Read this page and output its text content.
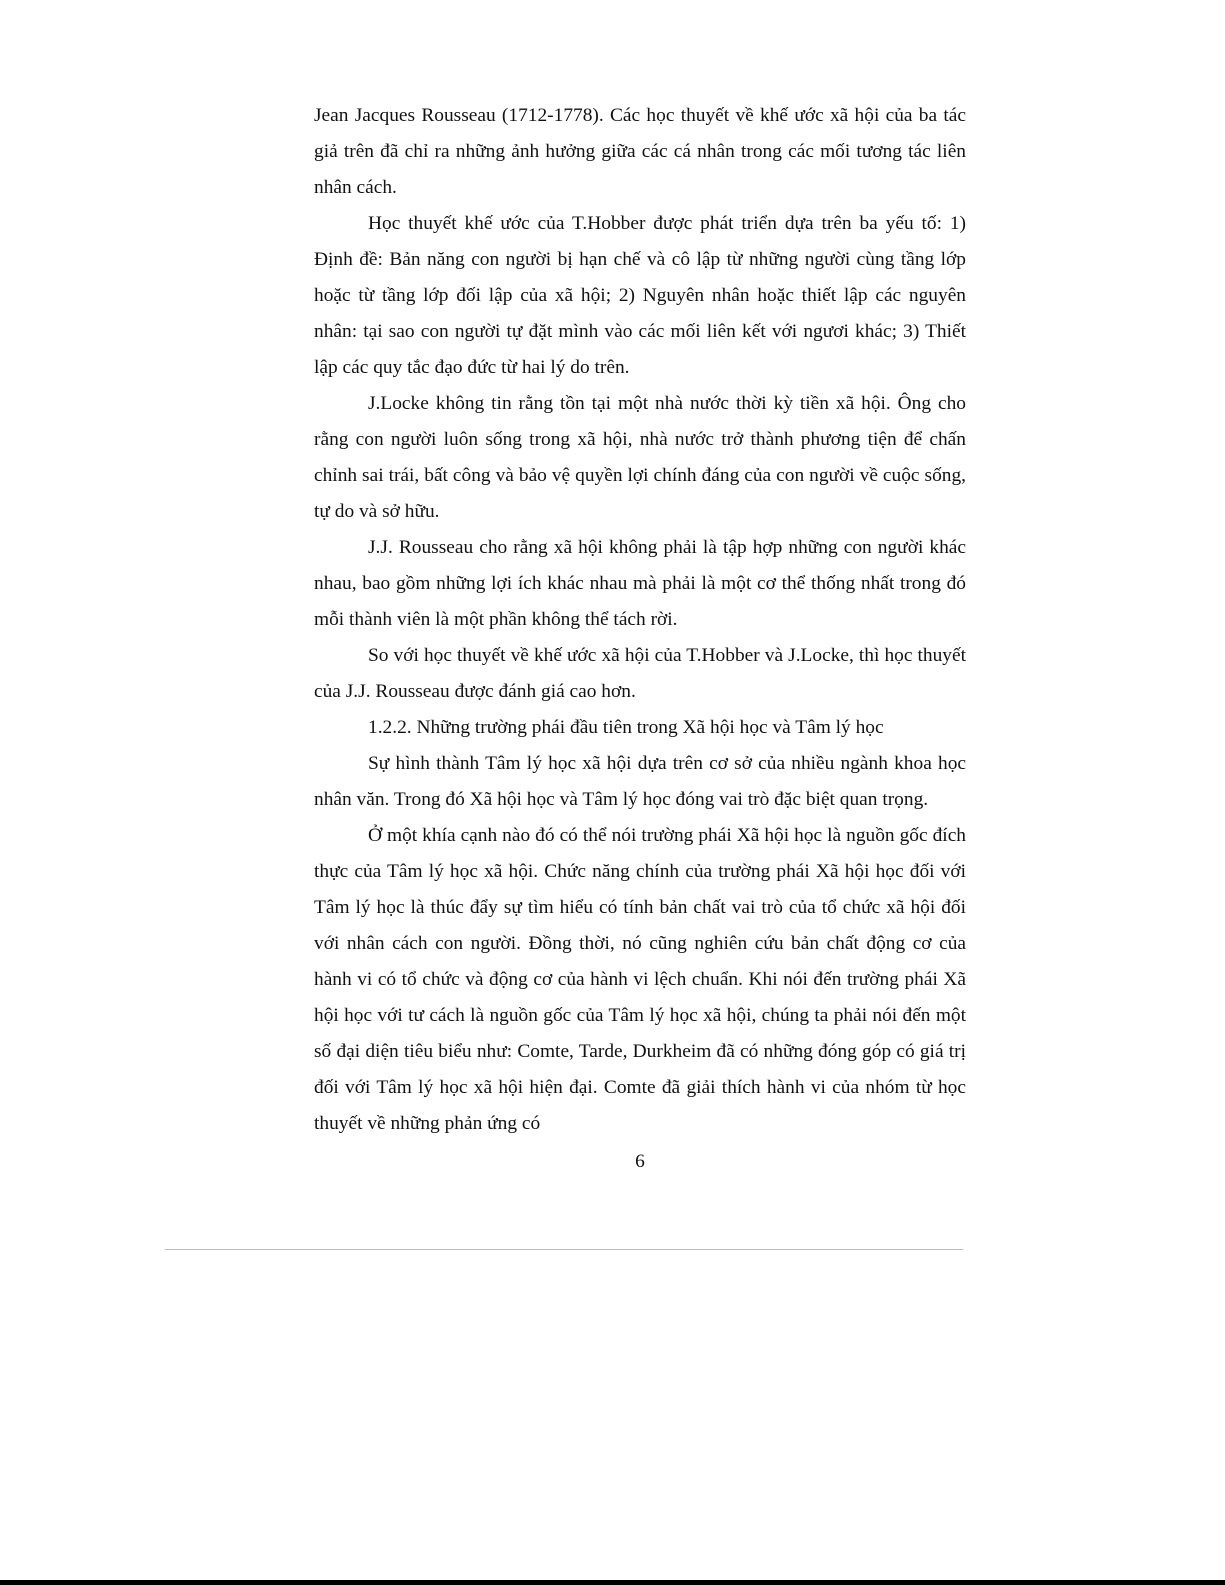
Jean Jacques Rousseau (1712-1778). Các học thuyết về khế ước xã hội của ba tác giả trên đã chỉ ra những ảnh hưởng giữa các cá nhân trong các mối tương tác liên nhân cách.

Học thuyết khế ước của T.Hobber được phát triển dựa trên ba yếu tố: 1) Định đề: Bản năng con người bị hạn chế và cô lập từ những người cùng tầng lớp hoặc từ tầng lớp đối lập của xã hội; 2) Nguyên nhân hoặc thiết lập các nguyên nhân: tại sao con người tự đặt mình vào các mối liên kết với ngươi khác; 3) Thiết lập các quy tắc đạo đức từ hai lý do trên.

J.Locke không tin rằng tồn tại một nhà nước thời kỳ tiền xã hội. Ông cho rằng con người luôn sống trong xã hội, nhà nước trở thành phương tiện để chấn chỉnh sai trái, bất công và bảo vệ quyền lợi chính đáng của con người về cuộc sống, tự do và sở hữu.

J.J. Rousseau cho rằng xã hội không phải là tập hợp những con người khác nhau, bao gồm những lợi ích khác nhau mà phải là một cơ thể thống nhất trong đó mỗi thành viên là một phần không thể tách rời.

So với học thuyết về khế ước xã hội của T.Hobber và J.Locke, thì học thuyết của J.J. Rousseau được đánh giá cao hơn.

1.2.2. Những trường phái đầu tiên trong Xã hội học và Tâm lý học

Sự hình thành Tâm lý học xã hội dựa trên cơ sở của nhiều ngành khoa học nhân văn. Trong đó Xã hội học và Tâm lý học đóng vai trò đặc biệt quan trọng.

Ở một khía cạnh nào đó có thể nói trường phái Xã hội học là nguồn gốc đích thực của Tâm lý học xã hội. Chức năng chính của trường phái Xã hội học đối với Tâm lý học là thúc đẩy sự tìm hiểu có tính bản chất vai trò của tổ chức xã hội đối với nhân cách con người. Đồng thời, nó cũng nghiên cứu bản chất động cơ của hành vi có tổ chức và động cơ của hành vi lệch chuẩn. Khi nói đến trường phái Xã hội học với tư cách là nguồn gốc của Tâm lý học xã hội, chúng ta phải nói đến một số đại diện tiêu biểu như: Comte, Tarde, Durkheim đã có những đóng góp có giá trị đối với Tâm lý học xã hội hiện đại. Comte đã giải thích hành vi của nhóm từ học thuyết về những phản ứng có

6
